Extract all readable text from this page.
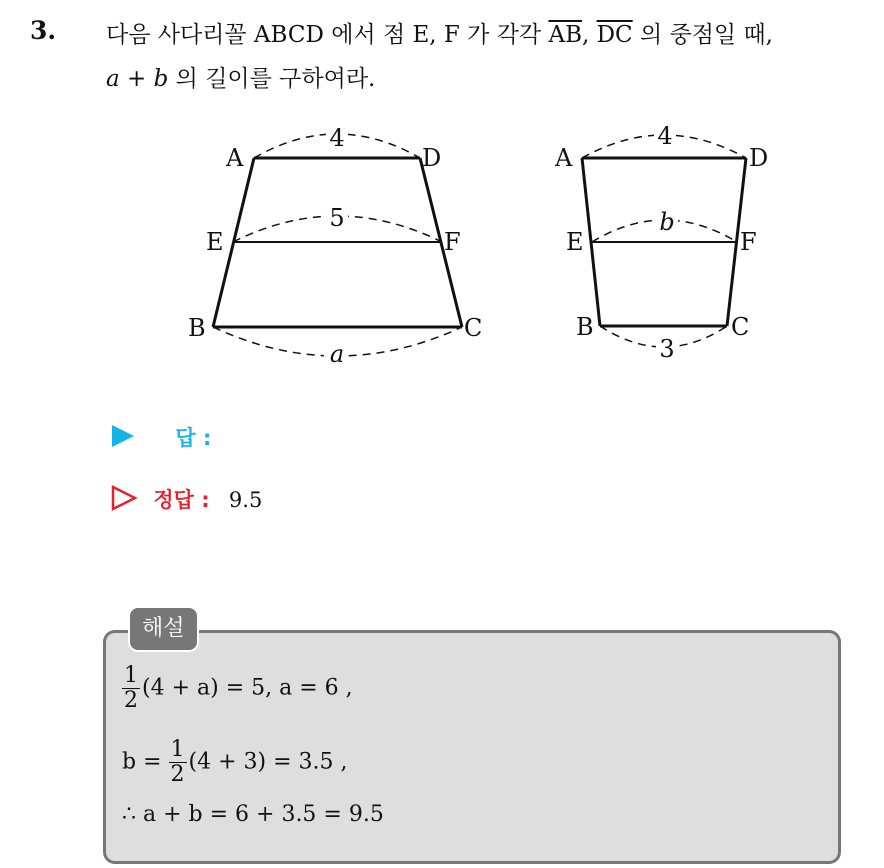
3. 다음 사다리꼴 ABCD 에서 점 E, F 가 각각 $\overline{AB}$, $\overline{DC}$ 의 중점일 때,
a + b 의 길이를 구하여라.
4
5
a
A	D
E	F
B	C
4
b
3
A	D
E	F
B	C
답 :
정답 : 9.5
해설
$\frac{1}{2} (4 + a) = 5$, a = 6 ,
$b = \frac{1}{2} (4 + 3) = 3.5$ ,
∴ a + b = 6 + 3.5 = 9.5
